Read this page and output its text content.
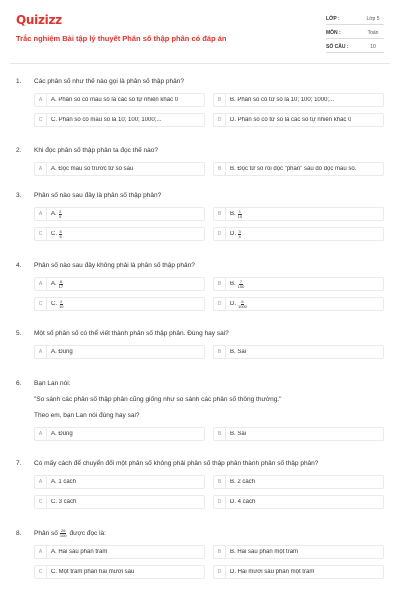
Quizizz
Trắc nghiệm Bài tập lý thuyết Phân số thập phân có đáp án
LỚP :	Lớp 5
MÔN :	Toán
SỐ CÂU :	10
1.	Các phân số như thế nào gọi là phân số thập phân?
A	A. Phân số có mẫu số là các số tự nhiên khác 0	B	B. Phân số có tử số là 10; 100; 1000;...
C	C. Phân số có mẫu số là 10; 100; 1000;...	D	D. Phân số có tử số là các số tự nhiên khác 0
2.	Khi đọc phân số thập phân ta đọc thế nào?
A	A. Đọc mẫu số trước tử số sau	B	B. Đọc tử số rồi đọc "phần" sau đó đọc mẫu số.
3.	Phân số nào sau đây là phân số thập phân?
A	A. $\frac{2}{5}$	B	B. $\frac{1}{10}$
C	C. $\frac{5}{6}$	D	D. $\frac{3}{4}$
4.	Phân số nào sau đây không phải là phân số thập phân?
A	A. $\frac{8}{17}$	B	B. $\frac{7}{100}$
C	C. $\frac{2}{10}$	D	D. $\frac{6}{1000}$
5.	Một số phân số có thể viết thành phân số thập phân. Đúng hay sai?
A	A. Đúng	B	B. Sai
6.	Bạn Lan nói:
"So sánh các phân số thập phân cũng giống như so sánh các phân số thông thường."
Theo em, bạn Lan nói đúng hay sai?
A	A. Đúng	B	B. Sai
7.	Có mấy cách để chuyển đổi một phân số không phải phân số thập phân thành phân số thập phân?
A	A. 1 cách	B	B. 2 cách
C	C. 3 cách	D	D. 4 cách
8.	Phân số $\frac{26}{100}$ được đọc là:
A	A. Hai sáu phần trăm	B	B. Hai sáu phần một trăm
C	C. Một trăm phần hai mươi sáu	D	D. Hai mươi sáu phần một trăm
